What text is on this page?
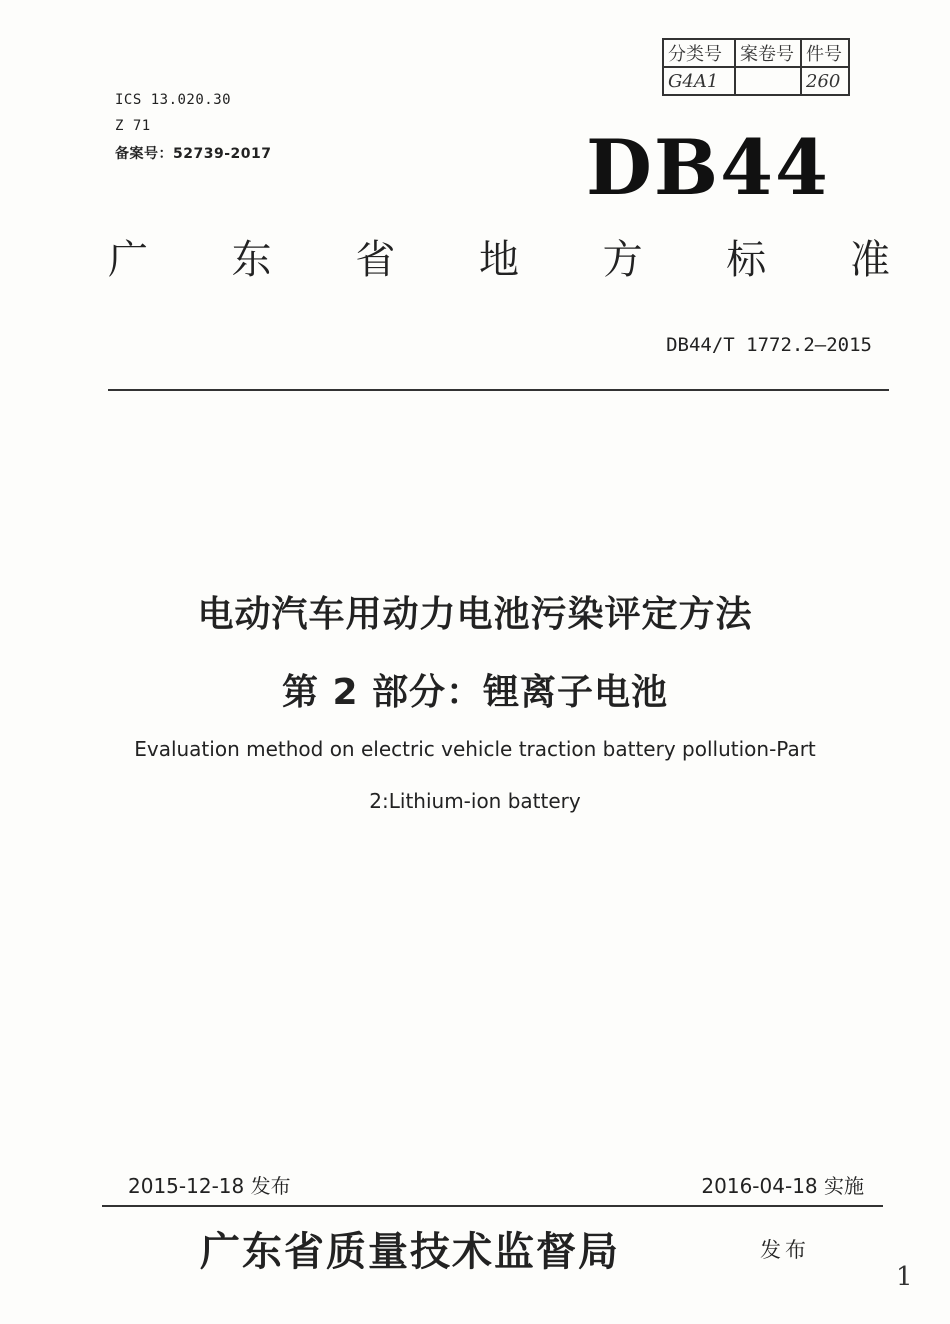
ICS 13.020.30
Z 71
备案号：52739-2017
分类号	案卷号	件号
G4A1		260
DB44
广 东 省 地 方 标 准
DB44/T 1772.2—2015
电动汽车用动力电池污染评定方法
第 2 部分：锂离子电池
Evaluation method on electric vehicle traction battery pollution-Part
2:Lithium-ion battery
2015-12-18 发布	2016-04-18 实施
广东省质量技术监督局	发布
1
